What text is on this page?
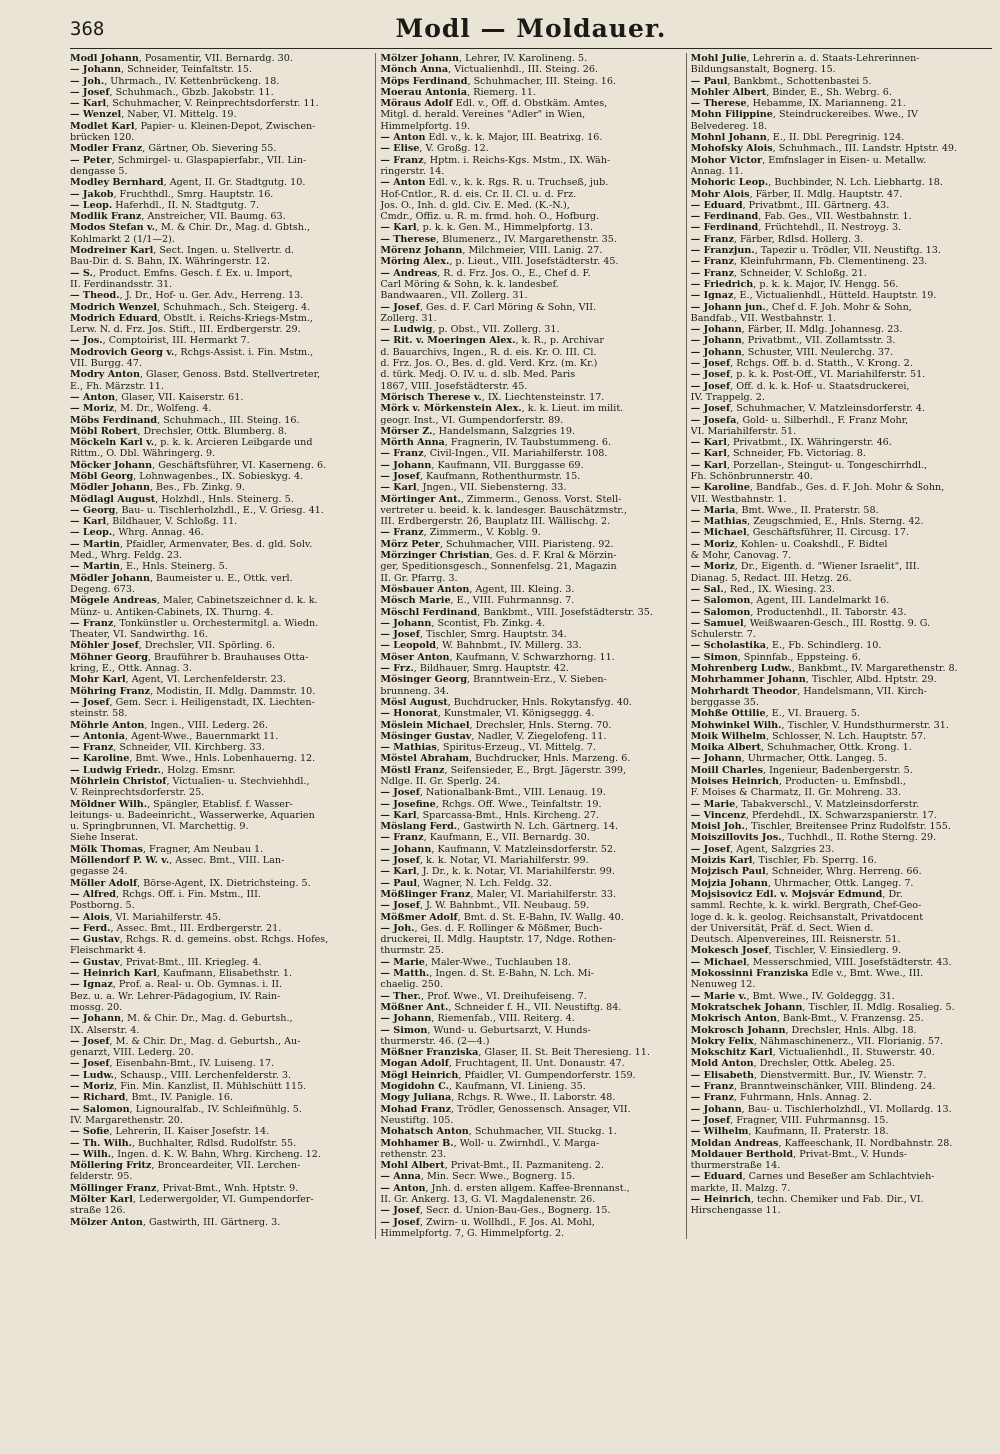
368	Modl — Moldauer.
Modl Johann, Posamentir, VII. Bernardg. 30.
— Johann, Schneider, Teinfaltstr. 15.
— Joh., Uhrmach., IV. Kettenbrückeng. 18.
— Josef, Schuhmach., Gbzb. Jakobstr. 11.
— Karl, Schuhmacher, V. Reinprechtsdorferstr. 11.
— Wenzel, Naber, VI. Mittelg. 19.
Modlet Karl, Papier- u. Kleinen-Depot, Zwischen-
brücken 120.
Modler Franz, Gärtner, Ob. Sievering 55.
— Peter, Schmirgel- u. Glaspapierfabr., VII. Lin-
dengasse 5.
Modley Bernhard, Agent, II. Gr. Stadtgutg. 10.
— Jakob, Fruchthdl., Smrg. Hauptstr. 16.
— Leop. Haferhdl., II. N. Stadtgutg. 7.
Modlik Franz, Anstreicher, VII. Baumg. 63.
Modos Stefan v., M. & Chir. Dr., Mag. d. Gbtsh.,
Kohlmarkt 2 (1/1—2).
Modreiner Karl, Sect. Ingen. u. Stellvertr. d.
Bau-Dir. d. S. Bahn, IX. Währingerstr. 12.
— S., Product. Emfns. Gesch. f. Ex. u. Import,
II. Ferdinandsstr. 31.
— Theod., J. Dr., Hof- u. Ger. Adv., Herreng. 13.
Modrich Wenzel, Schuhmach., Sch. Steigerg. 4.
Modrich Eduard, Obstlt. i. Reichs-Kriegs-Mstm.,
Lerw. N. d. Frz. Jos. Stift., III. Erdbergerstr. 29.
— Jos., Comptoirist, III. Hermarkt 7.
Modrovich Georg v., Rchgs-Assist. i. Fin. Mstm.,
VII. Burgg. 47.
Modry Anton, Glaser, Genoss. Bstd. Stellvertreter,
E., Fh. Märzstr. 11.
— Anton, Glaser, VII. Kaiserstr. 61.
— Moriz, M. Dr., Wolfeng. 4.
Möbs Ferdinand, Schuhmach., III. Steing. 16.
Möbl Robert, Drechsler, Ottk. Blumberg. 8.
Möckeln Karl v., p. k. k. Arcieren Leibgarde und
Rittm., O. Dbl. Währingerg. 9.
Möcker Johann, Geschäftsführer, VI. Kaserneng. 6.
Möbl Georg, Lohnwagenbes., IX. Sobieskyg. 4.
Mödler Johann, Bes., Fb. Zinkg. 9.
Mödlagl August, Holzhdl., Hnls. Steinerg. 5.
— Georg, Bau- u. Tischlerholzhdl., E., V. Griesg. 41.
— Karl, Bildhauer, V. Schloßg. 11.
— Leop., Whrg. Annag. 46.
— Martin, Pfaidler, Armenvater, Bes. d. gld. Solv.
Med., Whrg. Feldg. 23.
— Martin, E., Hnls. Steinerg. 5.
Mödler Johann, Baumeister u. E., Ottk. verl.
Degeng. 673.
Mögele Andreas, Maler, Cabinetszeichner d. k. k.
Münz- u. Antiken-Cabinets, IX. Thurng. 4.
— Franz, Tonkünstler u. Orchestermitgl. a. Wiedn.
Theater, VI. Sandwirthg. 16.
Möhler Josef, Drechsler, VII. Spörling. 6.
Möhner Georg, Brauführer b. Brauhauses Otta-
kring, E., Ottk. Annag. 3.
Mohr Karl, Agent, VI. Lerchenfelderstr. 23.
Möhring Franz, Modistin, II. Mdlg. Dammstr. 10.
— Josef, Gem. Secr. i. Heiligenstadt, IX. Liechten-
steinstr. 58.
Möhrle Anton, Ingen., VIII. Lederg. 26.
— Antonia, Agent-Wwe., Bauernmarkt 11.
— Franz, Schneider, VII. Kirchberg. 33.
— Karoline, Bmt. Wwe., Hnls. Lobenhauerng. 12.
— Ludwig Friedr., Holzg. Emsnr.
Möhrlein Christof, Victualien- u. Stechviehhdl.,
V. Reinprechtsdorferstr. 25.
Möldner Wilh., Spängler, Etablisf. f. Wasser-
leitungs- u. Badeeinricht., Wasserwerke, Aquarien
u. Springbrunnen, VI. Marchettig. 9.
Siehe Inserat.
Mölk Thomas, Fragner, Am Neubau 1.
Möllendorf P. W. v., Assec. Bmt., VIII. Lan-
gegasse 24.
Möller Adolf, Börse-Agent, IX. Dietrichsteing. 5.
— Alfred, Rchgs. Off. i. Fin. Mstm., III.
Postborng. 5.
— Alois, VI. Mariahilferstr. 45.
— Ferd., Assec. Bmt., III. Erdbergerstr. 21.
— Gustav, Rchgs. R. d. gemeins. obst. Rchgs. Hofes,
Fleischmarkt 4.
— Gustav, Privat-Bmt., III. Kriegleg. 4.
— Heinrich Karl, Kaufmann, Elisabethstr. 1.
— Ignaz, Prof. a. Real- u. Ob. Gymnas. i. II.
Bez. u. a. Wr. Lehrer-Pädagogium, IV. Rain-
mossg. 20.
— Johann, M. & Chir. Dr., Mag. d. Geburtsh.,
IX. Alserstr. 4.
— Josef, M. & Chir. Dr., Mag. d. Geburtsh., Au-
genarzt, VIII. Lederg. 20.
— Josef, Eisenbahn-Bmt., IV. Luiseng. 17.
— Ludw., Schausp., VIII. Lerchenfelderstr. 3.
— Moriz, Fin. Min. Kanzlist, II. Mühlschütt 115.
— Richard, Bmt., IV. Panigle. 16.
— Salomon, Lignouralfab., IV. Schleifmühlg. 5.
IV. Margarethenstr. 20.
— Sofie, Lehrerin, II. Kaiser Josefstr. 14.
— Th. Wilh., Buchhalter, Rdlsd. Rudolfstr. 55.
— Wilh., Ingen. d. K. W. Bahn, Whrg. Kircheng. 12.
Möllering Fritz, Bronceardeiter, VII. Lerchen-
felderstr. 95.
Möllinger Franz, Privat-Bmt., Wnh. Hptstr. 9.
Mölter Karl, Lederwergolder, VI. Gumpendorfer-
straße 126.
Mölzer Anton, Gastwirth, III. Gärtnerg. 3.
Mölzer Johann, Lehrer, IV. Karolineng. 5.
Mönch Anna, Victualienhdl., III. Steing. 26.
Möps Ferdinand, Schuhmacher, III. Steing. 16.
Moerau Antonia, Riemerg. 11.
Möraus Adolf Edl. v., Off. d. Obstkäm. Amtes,
Mitgl. d. herald. Vereines "Adler" in Wien,
Himmelpfortg. 19.
— Anton Edl. v., k. k. Major, III. Beatrixg. 16.
— Elise, V. Großg. 12.
— Franz, Hptm. i. Reichs-Kgs. Mstm., IX. Wäh-
ringerstr. 14.
— Anton Edl. v., k. k. Rgs. R. u. Truchseß, jub.
Hof-Cntlor., R. d. eis. Cr. II. Cl. u. d. Frz.
Jos. O., Inh. d. gld. Civ. E. Med. (K.-N.),
Cmdr., Offiz. u. R. m. frmd. hoh. O., Hofburg.
— Karl, p. k. k. Gen. M., Himmelpfortg. 13.
— Therese, Blumenerz., IV. Margarethenstr. 35.
Mörenz Johann, Milchmeier, VIII. Lanig. 27.
Möring Alex., p. Lieut., VIII. Josefstädterstr. 45.
— Andreas, R. d. Frz. Jos. O., E., Chef d. F.
Carl Möring & Sohn, k. k. landesbef.
Bandwaaren., VII. Zollerg. 31.
— Josef, Ges. d. F. Carl Möring & Sohn, VII.
Zollerg. 31.
— Ludwig, p. Obst., VII. Zollerg. 31.
— Rit. v. Moeringen Alex., k. R., p. Archivar
d. Bauarchivs, Ingen., R. d. eis. Kr. O. III. Cl.
d. Frz. Jos. O., Bes. d. gld. Verd. Krz. (m. Kr.)
d. türk. Medj. O. IV. u. d. slb. Med. Paris
1867, VIII. Josefstädterstr. 45.
Mörisch Therese v., IX. Liechtensteinstr. 17.
Mörk v. Mörkenstein Alex., k. k. Lieut. im milit.
geogr. Inst., VI. Gumpendorferstr. 89.
Mörser Z., Handelsmann, Salzgries 19.
Mörth Anna, Fragnerin, IV. Taubstummeng. 6.
— Franz, Civil-Ingen., VII. Mariahilferstr. 108.
— Johann, Kaufmann, VII. Burggasse 69.
— Josef, Kaufmann, Rothenthurmstr. 15.
— Karl, Jngen., VII. Siebensterng. 33.
Mörtinger Ant., Zimmerm., Genoss. Vorst. Stell-
vertreter u. beeid. k. k. landesger. Bauschätzmstr.,
III. Erdbergerstr. 26, Bauplatz III. Wällischg. 2.
— Franz, Zimmerm., V. Koblg. 9.
Mörz Peter, Schuhmacher, VIII. Piaristeng. 92.
Mörzinger Christian, Ges. d. F. Kral & Mörzin-
ger, Speditionsgesch., Sonnenfelsg. 21, Magazin
II. Gr. Pfarrg. 3.
Mösbauer Anton, Agent, III. Kleing. 3.
Mösch Marie, E., VIII. Fuhrmannsg. 7.
Möschl Ferdinand, Bankbmt., VIII. Josefstädterstr. 35.
— Johann, Scontist, Fb. Zinkg. 4.
— Josef, Tischler, Smrg. Hauptstr. 34.
— Leopold, W. Bahnbmt., IV. Millerg. 33.
Möser Anton, Kaufmann, V. Schwarzhorng. 11.
— Frz., Bildhauer, Smrg. Hauptstr. 42.
Mösinger Georg, Branntwein-Erz., V. Sieben-
brunneng. 34.
Mösl August, Buchdrucker, Hnls. Rokytansfyg. 40.
— Honorat, Kunstmaler, VI. Königseggg. 4.
Möslein Michael, Drechsler, Hnls. Sterng. 70.
Mösinger Gustav, Nadler, V. Ziegelofeng. 11.
— Mathias, Spiritus-Erzeug., VI. Mittelg. 7.
Möstel Abraham, Buchdrucker, Hnls. Marzeng. 6.
Möstl Franz, Seifensieder, E., Brgt. Jägerstr. 399,
Ndlge. II. Gr. Sperlg. 24.
— Josef, Nationalbank-Bmt., VIII. Lenaug. 19.
— Josefine, Rchgs. Off. Wwe., Teinfaltstr. 19.
— Karl, Sparcassa-Bmt., Hnls. Kircheng. 27.
Möslang Ferd., Gastwirth N. Lch. Gärtnerg. 14.
— Franz, Kaufmann, E., VII. Bernardg. 30.
— Johann, Kaufmann, V. Matzleinsdorferstr. 52.
— Josef, k. k. Notar, VI. Mariahilferstr. 99.
— Karl, J. Dr., k. k. Notar, VI. Mariahilferstr. 99.
— Paul, Wagner, N. Lch. Feldg. 32.
Mößlinger Franz, Maler, VI. Mariahilferstr. 33.
— Josef, J. W. Bahnbmt., VII. Neubaug. 59.
Mößmer Adolf, Bmt. d. St. E-Bahn, IV. Wallg. 40.
— Joh., Ges. d. F. Rollinger & Mößmer, Buch-
druckerei, II. Mdlg. Hauptstr. 17, Ndge. Rothen-
thurmstr. 25.
— Marie, Maler-Wwe., Tuchlauben 18.
— Matth., Ingen. d. St. E-Bahn, N. Lch. Mi-
chaelig. 250.
— Ther., Prof. Wwe., VI. Dreihufeiseng. 7.
Mößner Ant., Schneider f. H., VII. Neustiftg. 84.
— Johann, Riemenfab., VIII. Reiterg. 4.
— Simon, Wund- u. Geburtsarzt, V. Hunds-
thurmerstr. 46. (2—4.)
Mößner Franziska, Glaser, II. St. Beit Theresieng. 11.
Mogan Adolf, Fruchtagent, II. Unt. Donaustr. 47.
Mögl Heinrich, Pfaidler, VI. Gumpendorferstr. 159.
Mogidohn C., Kaufmann, VI. Linieng. 35.
Mogy Juliana, Rchgs. R. Wwe., II. Laborstr. 48.
Mohad Franz, Trödler, Genossensch. Ansager, VII.
Neustiftg. 105.
Mohatsch Anton, Schuhmacher, VII. Stuckg. 1.
Mohhamer B., Woll- u. Zwirnhdl., V. Marga-
rethenstr. 23.
Mohl Albert, Privat-Bmt., II. Pazmaniteng. 2.
— Anna, Min. Secr. Wwe., Bognerg. 15.
— Anton, Jnh. d. ersten allgem. Kaffee-Brennanst.,
II. Gr. Ankerg. 13, G. VI. Magdalenenstr. 26.
— Josef, Secr. d. Union-Bau-Ges., Bognerg. 15.
— Josef, Zwirn- u. Wollhdl., F. Jos. Al. Mohl,
Himmelpfortg. 7, G. Himmelpfortg. 2.
Mohl Julie, Lehrerin a. d. Staats-Lehrerinnen-
Bildungsanstalt, Bognerg. 15.
— Paul, Bankbmt., Schottenbastei 5.
Mohler Albert, Binder, E., Sh. Webrg. 6.
— Therese, Hebamme, IX. Marianneng. 21.
Mohn Filippine, Steindruckereibes. Wwe., IV
Belvedereg. 18.
Mohnl Johann, E., II. Dbl. Peregrinig. 124.
Mohofsky Alois, Schuhmach., III. Landstr. Hptstr. 49.
Mohor Victor, Emfnslager in Eisen- u. Metallw.
Annag. 11.
Mohoric Leop., Buchbinder, N. Lch. Liebhartg. 18.
Mohr Alois, Färber, II. Mdlg. Hauptstr. 47.
— Eduard, Privatbmt., III. Gärtnerg. 43.
— Ferdinand, Fab. Ges., VII. Westbahnstr. 1.
— Ferdinand, Früchtehdl., II. Nestroyg. 3.
— Franz, Färber, Rdlsd. Hollerg. 3.
— Franzjun., Tapezir u. Trödler, VII. Neustiftg. 13.
— Franz, Kleinfuhrmann, Fb. Clementineng. 23.
— Franz, Schneider, V. Schloßg. 21.
— Friedrich, p. k. k. Major, IV. Hengg. 56.
— Ignaz, E., Victualienhdl., Hütteld. Hauptstr. 19.
— Johann jun., Chef d. F. Joh. Mohr & Sohn,
Bandfab., VII. Westbahnstr. 1.
— Johann, Färber, II. Mdlg. Johannesg. 23.
— Johann, Privatbmt., VII. Zollamtsstr. 3.
— Johann, Schuster, VIII. Neulerchg. 37.
— Josef, Rchgs. Off. b. d. Statth., V. Krong. 2.
— Josef, p. k. k. Post-Off., VI. Mariahilferstr. 51.
— Josef, Off. d. k. k. Hof- u. Staatsdruckerei,
IV. Trappelg. 2.
— Josef, Schuhmacher, V. Matzleinsdorferstr. 4.
— Josefa, Gold- u. Silberhdl., F. Franz Mohr,
VI. Mariahilferstr. 51.
— Karl, Privatbmt., IX. Währingerstr. 46.
— Karl, Schneider, Fb. Victoriag. 8.
— Karl, Porzellan-, Steingut- u. Tongeschirrhdl.,
Fh. Schönbrunnerstr. 40.
— Karoline, Bandfab., Ges. d. F. Joh. Mohr & Sohn,
VII. Westbahnstr. 1.
— Maria, Bmt. Wwe., II. Praterstr. 58.
— Mathias, Zeugschmied, E., Hnls. Sterng. 42.
— Michael, Geschäftsführer, II. Circusg. 17.
— Moriz, Kohlen- u. Coakshdl., F. Bidtel
& Mohr, Canovag. 7.
— Moriz, Dr., Eigenth. d. "Wiener Israelit", III.
Dianag. 5, Redact. III. Hetzg. 26.
— Sal., Red., IX. Wiesing. 23.
— Salomon, Agent, III. Landelmarkt 16.
— Salomon, Productenhdl., II. Taborstr. 43.
— Samuel, Weißwaaren-Gesch., III. Rosttg. 9. G.
Schulerstr. 7.
— Scholastika, E., Fb. Schindlerg. 10.
— Simon, Spinnfab., Eppsteing. 6.
Mohrenberg Ludw., Bankbmt., IV. Margarethenstr. 8.
Mohrhammer Johann, Tischler, Albd. Hptstr. 29.
Mohrhardt Theodor, Handelsmann, VII. Kirch-
berggasse 35.
Mohße Ottilie, E., VI. Brauerg. 5.
Mohwinkel Wilh., Tischler, V. Hundsthurmerstr. 31.
Moik Wilhelm, Schlosser, N. Lch. Hauptstr. 57.
Moika Albert, Schuhmacher, Ottk. Krong. 1.
— Johann, Uhrmacher, Ottk. Langeg. 5.
Moill Charles, Ingenieur, Badenbergerstr. 5.
Moises Heinrich, Producten- u. Emfnsbdl.,
F. Moises & Charmatz, II. Gr. Mohreng. 33.
— Marie, Tabakverschl., V. Matzleinsdorferstr.
— Vincenz, Pferdehdl., IX. Schwarzspanierstr. 17.
Moisl Joh., Tischler, Breitensee Prinz Rudolfstr. 155.
Moiszillovits Jos., Tuchhdl., II. Rothe Sterng. 29.
— Josef, Agent, Salzgries 23.
Moizis Karl, Tischler, Fb. Sperrg. 16.
Mojzisch Paul, Schneider, Whrg. Herreng. 66.
Mojzia Johann, Uhrmacher, Ottk. Langeg. 7.
Mojsisovicz Edl. v. Mojsvár Edmund, Dr.
samml. Rechte, k. k. wirkl. Bergrath, Chef-Geo-
loge d. k. k. geolog. Reichsanstalt, Privatdocent
der Universität, Präf. d. Sect. Wien d.
Deutsch. Alpenvereines, III. Reisnerstr. 51.
Mokesch Josef, Tischler, V. Einsiedlerg. 9.
— Michael, Messerschmied, VIII. Josefstädterstr. 43.
Mokossinni Franziska Edle v., Bmt. Wwe., III.
Nenuweg 12.
— Marie v., Bmt. Wwe., IV. Goldeggg. 31.
Mokratschek Johann, Tischler, II. Mdlg. Rosalieg. 5.
Mokrisch Anton, Bank-Bmt., V. Franzensg. 25.
Mokrosch Johann, Drechsler, Hnls. Albg. 18.
Mokry Felix, Nähmaschinenerz., VII. Florianig. 57.
Mokschitz Karl, Victualienhdl., II. Stuwerstr. 40.
Mold Anton, Drechsler, Ottk. Abeleg. 25.
— Elisabeth, Dienstvermitt. Bur., IV. Wienstr. 7.
— Franz, Branntweinschänker, VIII. Blindeng. 24.
— Franz, Fuhrmann, Hnls. Annag. 2.
— Johann, Bau- u. Tischlerholzhdl., VI. Mollardg. 13.
— Josef, Fragner, VIII. Fuhrmannsg. 15.
— Wilhelm, Kaufmann, II. Praterstr. 18.
Moldan Andreas, Kaffeeschank, II. Nordbahnstr. 28.
Moldauer Berthold, Privat-Bmt., V. Hunds-
thurmerstraße 14.
— Eduard, Carnes und Beseßer am Schlachtvieh-
markte, II. Malzg. 7.
— Heinrich, techn. Chemiker und Fab. Dir., VI.
Hirschengasse 11.
